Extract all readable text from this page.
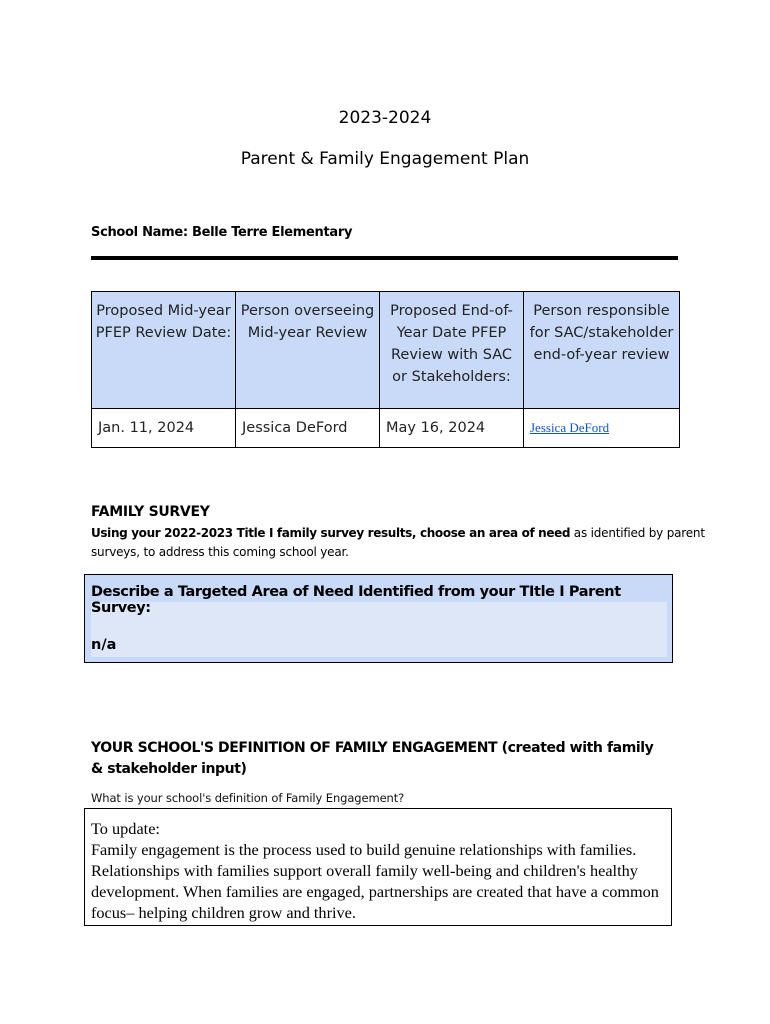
2023-2024
Parent & Family Engagement Plan
School Name: Belle Terre Elementary
Proposed Mid-year PFEP Review Date:	Person overseeing Mid-year Review	Proposed End-of- Year Date PFEP Review with SAC or Stakeholders:	Person responsible for SAC/stakeholder end-of-year review
Jan. 11, 2024	Jessica DeFord	May 16, 2024	Jessica DeFord
FAMILY SURVEY
Using your 2022-2023 Title I family survey results, choose an area of need as identified by parent
surveys, to address this coming school year.
Describe a Targeted Area of Need Identified from your TItle I Parent Survey:
n/a
YOUR SCHOOL'S DEFINITION OF FAMILY ENGAGEMENT (created with family & stakeholder input)
What is your school's definition of Family Engagement?

To update:

Family engagement is the process used to build genuine relationships with families. Relationships with families support overall family well-being and children's healthy development. When families are engaged, partnerships are created that have a common focus– helping children grow and thrive.
